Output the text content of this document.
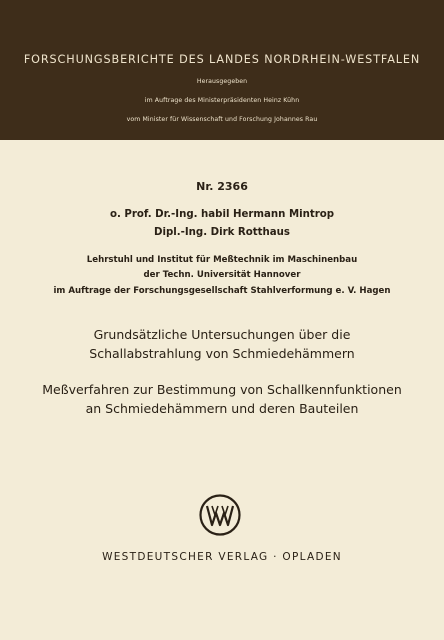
FORSCHUNGSBERICHTE DES LANDES NORDRHEIN-WESTFALEN
Herausgegeben
im Auftrage des Ministerpräsidenten Heinz Kühn
vom Minister für Wissenschaft und Forschung Johannes Rau
Nr. 2366
o. Prof. Dr.-Ing. habil Hermann Mintrop
Dipl.-Ing. Dirk Rotthaus
Lehrstuhl und Institut für Meßtechnik im Maschinenbau
der Techn. Universität Hannover
im Auftrage der Forschungsgesellschaft Stahlverformung e. V. Hagen
Grundsätzliche Untersuchungen über die
Schallabstrahlung von Schmiedehämmern
Meßverfahren zur Bestimmung von Schallkennfunktionen
an Schmiedehämmern und deren Bauteilen
WESTDEUTSCHER VERLAG · OPLADEN
